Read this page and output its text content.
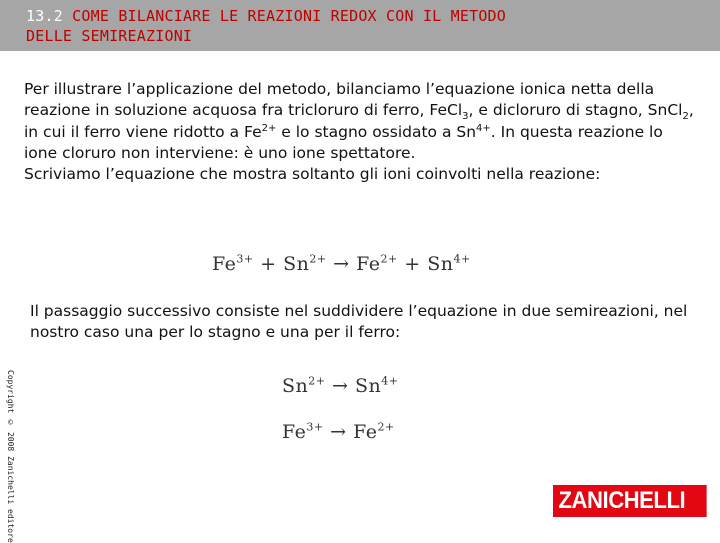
13.2 COME BILANCIARE LE REAZIONI REDOX CON IL METODO
DELLE SEMIREAZIONI

Per illustrare l’applicazione del metodo, bilanciamo l’equazione ionica netta della reazione in soluzione acquosa fra tricloruro di ferro, FeCl$_3$, e dicloruro di stagno, SnCl$_2$, in cui il ferro viene ridotto a $Fe^{2+}$ e lo stagno ossidato a $Sn^{4+}$. In questa reazione lo ione cloruro non interviene: è uno ione spettatore.

Scriviamo l’equazione che mostra soltanto gli ioni coinvolti nella reazione:

$Fe^{3+} + Sn^{2+} \to Fe^{2+} + Sn^{4+}$
Il passaggio successivo consiste nel suddividere l’equazione in due semireazioni, nel nostro caso una per lo stagno e una per il ferro:
$Sn^{2+} \to Sn^{4+}$
$Fe^{3+} \to Fe^{2+}$
Copyright © 2008 Zanichelli editore	ZANICHELLI
